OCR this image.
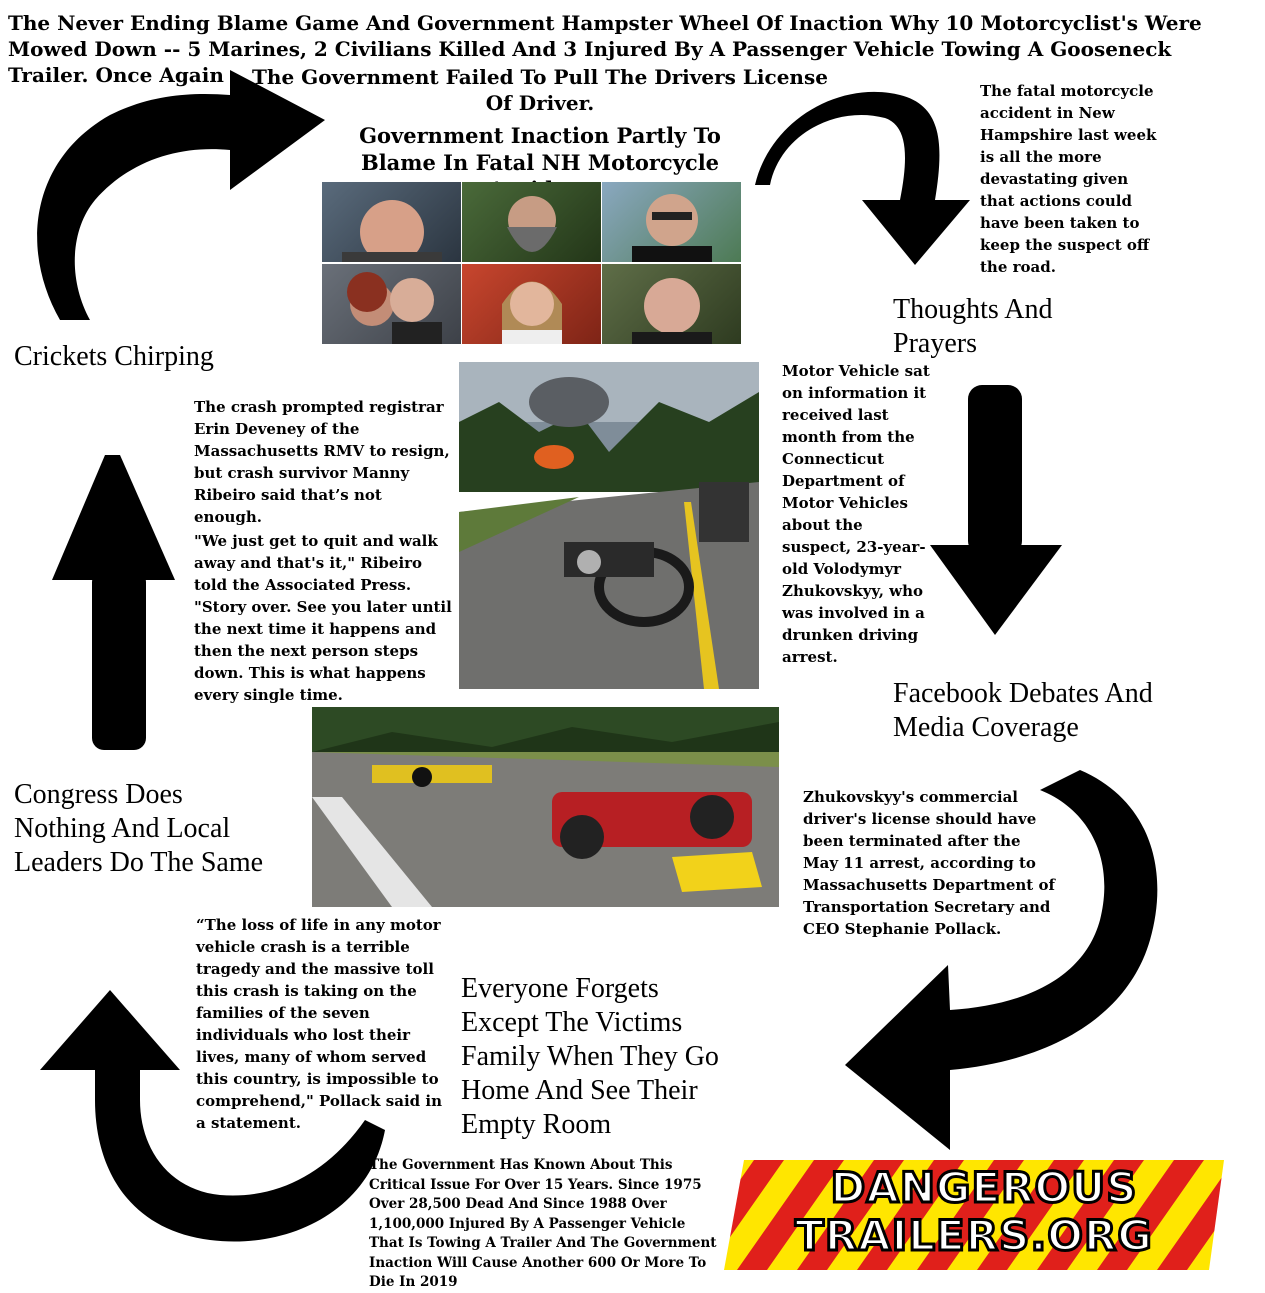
The Never Ending Blame Game And Government Hampster Wheel Of Inaction Why 10 Motorcyclist's Were Mowed Down -- 5 Marines, 2 Civilians Killed And 3 Injured By A Passenger Vehicle Towing A Gooseneck Trailer. Once Again	The Government Failed To Pull The Drivers License Of Driver.
Government Inaction Partly To Blame In Fatal NH Motorcycle
Thoughts And Prayers
Facebook Debates And Media Coverage
Everyone Forgets Except The Victims Family When They Go Home And See Their Empty Room
Congress Does Nothing And Local Leaders Do The Same
Crickets Chirping
The fatal motorcycle accident in New Hampshire last week is all the more devastating given that actions could have been taken to keep the suspect off the road.
Motor Vehicle sat on information it received last month from the Connecticut Department of Motor Vehicles about the suspect, 23-year-old Volodymyr Zhukovskyy, who was involved in a drunken driving arrest.
The crash prompted registrar Erin Deveney of the Massachusetts RMV to resign, but crash survivor Manny Ribeiro said that’s not enough.
"We just get to quit and walk away and that's it," Ribeiro told the Associated Press. "Story over. See you later until the next time it happens and then the next person steps down. This is what happens every single time.
Zhukovskyy's commercial driver's license should have been terminated after the May 11 arrest, according to Massachusetts Department of Transportation Secretary and CEO Stephanie Pollack.
“The loss of life in any motor vehicle crash is a terrible tragedy and the massive toll this crash is taking on the families of the seven individuals who lost their lives, many of whom served this country, is impossible to comprehend," Pollack said in a statement.
The Government Has Known About This Critical Issue For Over 15 Years. Since 1975 Over 28,500 Dead And Since 1988 Over 1,100,000 Injured By A Passenger Vehicle That Is Towing A Trailer And The Government Inaction Will Cause Another 600 Or More To Die In 2019
DANGEROUS
TRAILERS.ORG
